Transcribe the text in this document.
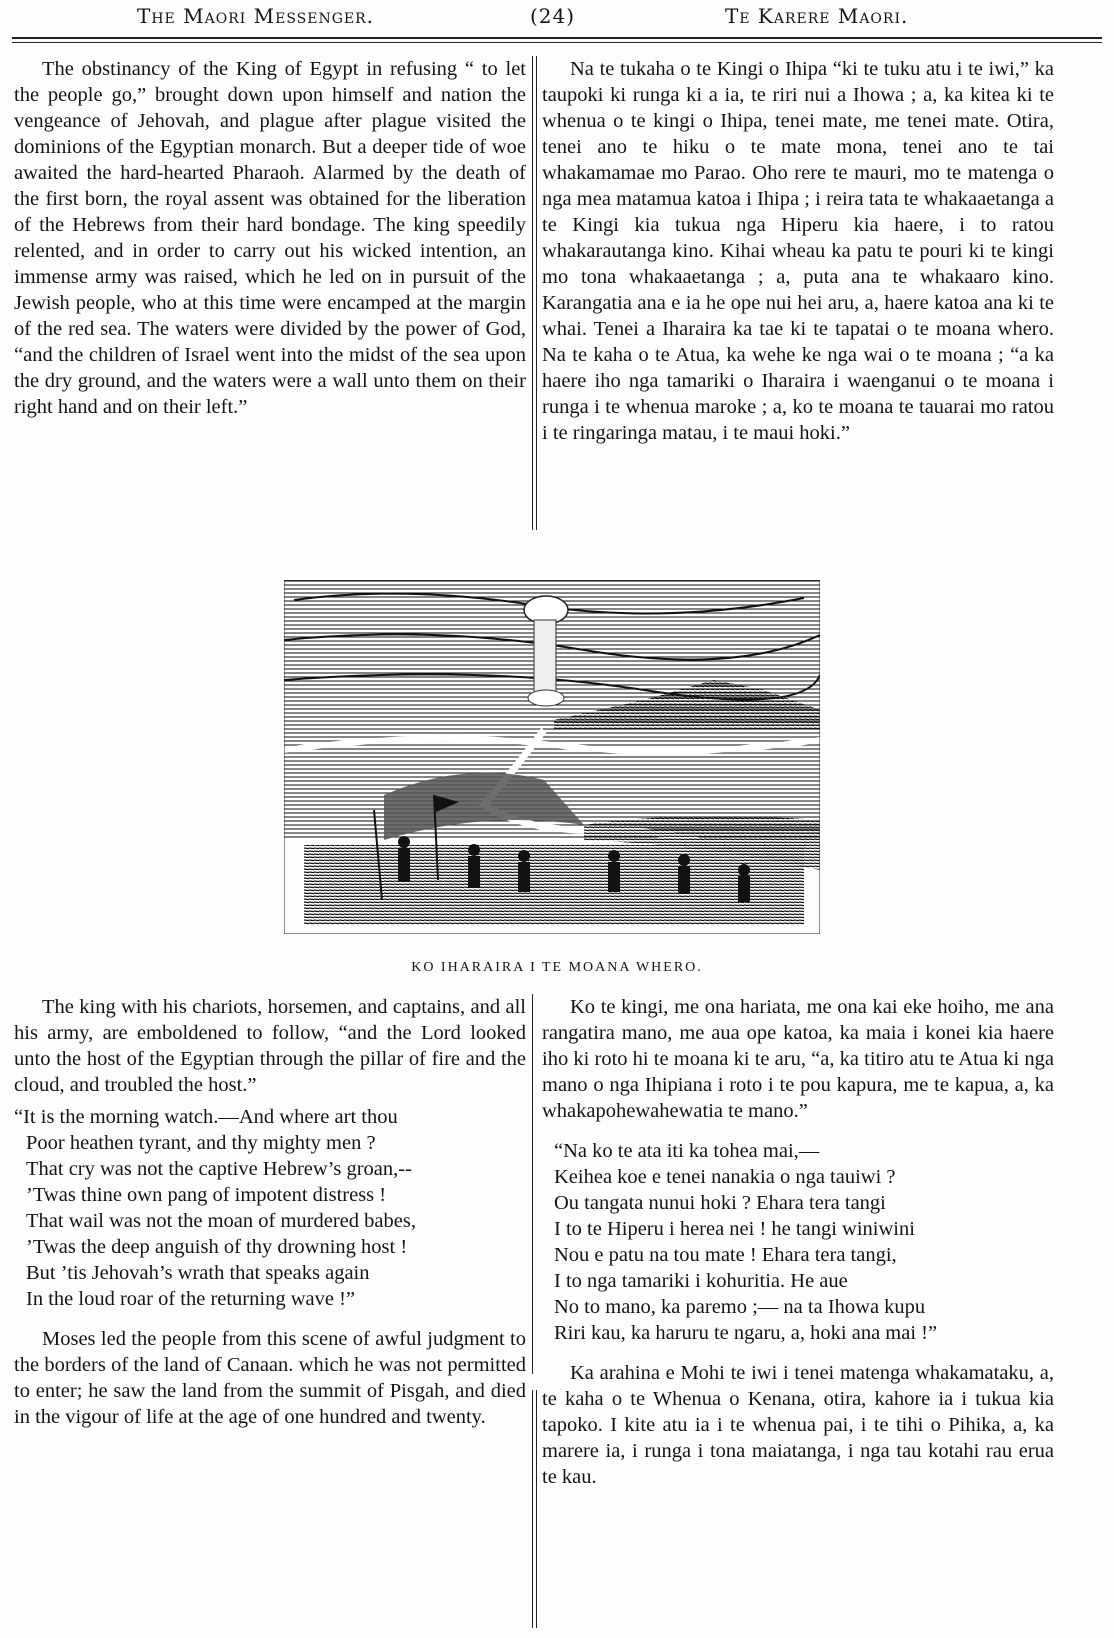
The Maori Messenger.	(24)	Te Karere Maori.

The obstinancy of the King of Egypt in refusing “ to let the people go,” brought down upon himself and nation the vengeance of Jehovah, and plague after plague visited the dominions of the Egyptian monarch. But a deeper tide of woe awaited the hard-hearted Pharaoh. Alarmed by the death of the first born, the royal assent was obtained for the liberation of the Hebrews from their hard bondage. The king speedily relented, and in order to carry out his wicked intention, an immense army was raised, which he led on in pursuit of the Jewish people, who at this time were encamped at the margin of the red sea. The waters were divided by the power of God, “and the children of Israel went into the midst of the sea upon the dry ground, and the waters were a wall unto them on their right hand and on their left.”

Na te tukaha o te Kingi o Ihipa “ki te tuku atu i te iwi,” ka taupoki ki runga ki a ia, te riri nui a Ihowa ; a, ka kitea ki te whenua o te kingi o Ihipa, tenei mate, me tenei mate. Otira, tenei ano te hiku o te mate mona, tenei ano te tai whakamamae mo Parao. Oho rere te mauri, mo te matenga o nga mea matamua katoa i Ihipa ; i reira tata te whakaaetanga a te Kingi kia tukua nga Hiperu kia haere, i to ratou whakarautanga kino. Kihai wheau ka patu te pouri ki te kingi mo tona whakaaetanga ; a, puta ana te whakaaro kino. Karangatia ana e ia he ope nui hei aru, a, haere katoa ana ki te whai. Tenei a Iharaira ka tae ki te tapatai o te moana whero. Na te kaha o te Atua, ka wehe ke nga wai o te moana ; “a ka haere iho nga tamariki o Iharaira i waenganui o te moana i runga i te whenua maroke ; a, ko te moana te tauarai mo ratou i te ringaringa matau, i te maui hoki.”

KO IHARAIRA I TE MOANA WHERO.

The king with his chariots, horsemen, and captains, and all his army, are emboldened to follow, “and the Lord looked unto the host of the Egyptian through the pillar of fire and the cloud, and troubled the host.”

“It is the morning watch.—And where art thou
Poor heathen tyrant, and thy mighty men ?
That cry was not the captive Hebrew’s groan,--
’Twas thine own pang of impotent distress !
That wail was not the moan of murdered babes,
’Twas the deep anguish of thy drowning host !
But ’tis Jehovah’s wrath that speaks again
In the loud roar of the returning wave !”

Moses led the people from this scene of awful judgment to the borders of the land of Canaan. which he was not permitted to enter; he saw the land from the summit of Pisgah, and died in the vigour of life at the age of one hundred and twenty.

Ko te kingi, me ona hariata, me ona kai eke hoiho, me ana rangatira mano, me aua ope katoa, ka maia i konei kia haere iho ki roto hi te moana ki te aru, “a, ka titiro atu te Atua ki nga mano o nga Ihipiana i roto i te pou kapura, me te kapua, a, ka whakapohewahewatia te mano.”

“Na ko te ata iti ka tohea mai,—
Keihea koe e tenei nanakia o nga tauiwi ?
Ou tangata nunui hoki ? Ehara tera tangi
I to te Hiperu i herea nei ! he tangi winiwini
Nou e patu na tou mate ! Ehara tera tangi,
I to nga tamariki i kohuritia. He aue
No to mano, ka paremo ;— na ta Ihowa kupu
Riri kau, ka haruru te ngaru, a, hoki ana mai !”

Ka arahina e Mohi te iwi i tenei matenga whakamataku, a, te kaha o te Whenua o Kenana, otira, kahore ia i tukua kia tapoko. I kite atu ia i te whenua pai, i te tihi o Pihika, a, ka marere ia, i runga i tona maiatanga, i nga tau kotahi rau erua te kau.
